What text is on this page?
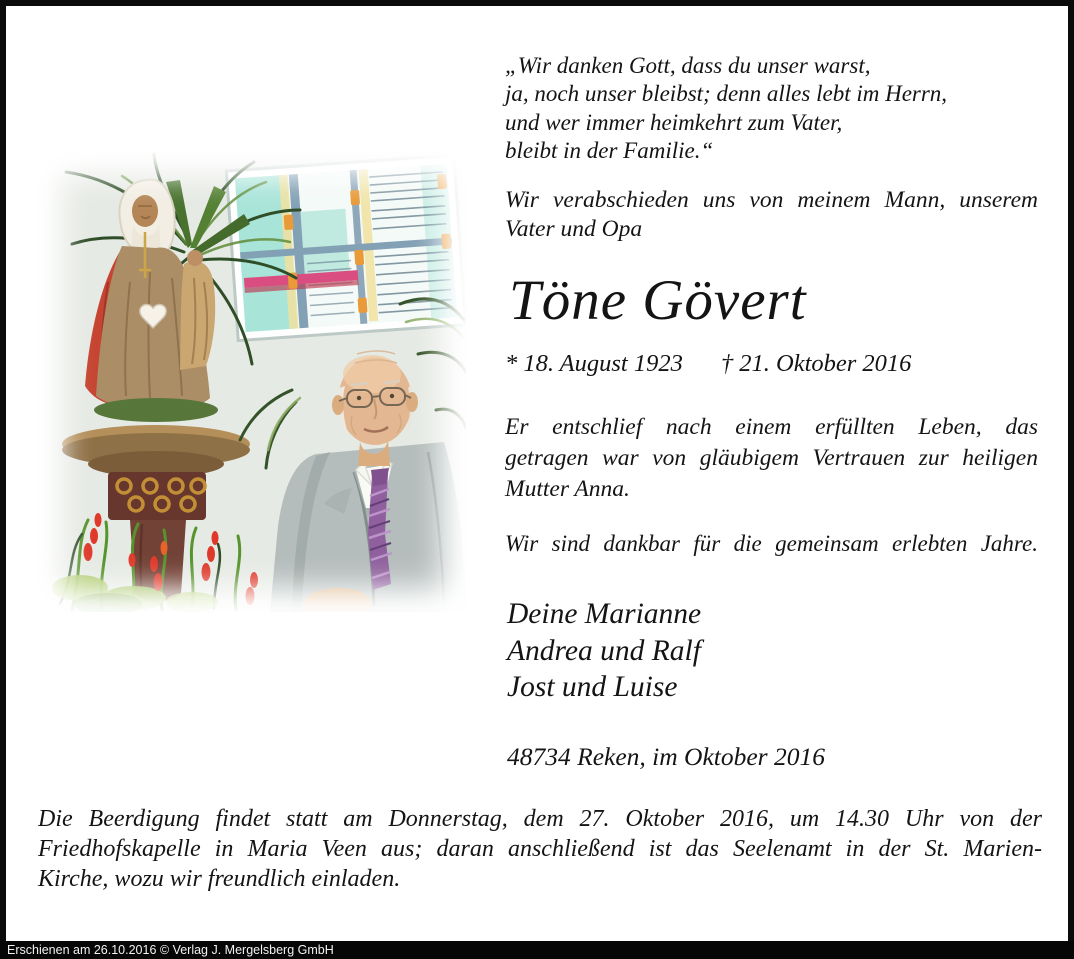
„Wir danken Gott, dass du unser warst,
ja, noch unser bleibst; denn alles lebt im Herrn,
und wer immer heimkehrt zum Vater,
bleibt in der Familie.“
Wir verabschieden uns von meinem Mann, unserem
Vater und Opa
Töne Gövert
* 18. August 1923 † 21. Oktober 2016
Er entschlief nach einem erfüllten Leben, das
getragen war von gläubigem Vertrauen zur heiligen
Mutter Anna.
Wir sind dankbar für die gemeinsam erlebten Jahre.
Deine Marianne
Andrea und Ralf
Jost und Luise
48734 Reken, im Oktober 2016
Die Beerdigung findet statt am Donnerstag, dem 27. Oktober 2016, um 14.30 Uhr von der
Friedhofskapelle in Maria Veen aus; daran anschließend ist das Seelenamt in der St. Marien-
Kirche, wozu wir freundlich einladen.
Erschienen am 26.10.2016 © Verlag J. Mergelsberg GmbH
